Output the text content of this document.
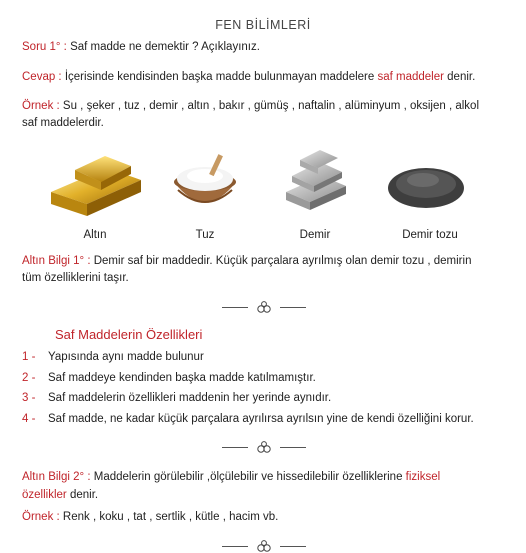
FEN BİLİMLERİ
Soru 1° : Saf madde ne demektir ? Açıklayınız.
Cevap : İçerisinde kendisinden başka madde bulunmayan maddelere saf maddeler denir.
Örnek : Su , şeker , tuz , demir , altın , bakır , gümüş , naftalin , alüminyum , oksijen , alkol
saf maddelerdir.
Altın	Tuz	Demir	Demir tozu
Altın Bilgi 1° : Demir saf bir maddedir. Küçük parçalara ayrılmış olan demir tozu , demirin
tüm özelliklerini taşır.
Saf Maddelerin Özellikleri
1 - Yapısında aynı madde bulunur
2 - Saf maddeye kendinden başka madde katılmamıştır.
3 - Saf maddelerin özellikleri maddenin her yerinde aynıdır.
4 - Saf madde, ne kadar küçük parçalara ayrılırsa ayrılsın yine de kendi özelliğini korur.
Altın Bilgi 2° : Maddelerin görülebilir ,ölçülebilir ve hissedilebilir özelliklerine fiziksel
özellikler denir.
Örnek : Renk , koku , tat , sertlik , kütle , hacim vb.
